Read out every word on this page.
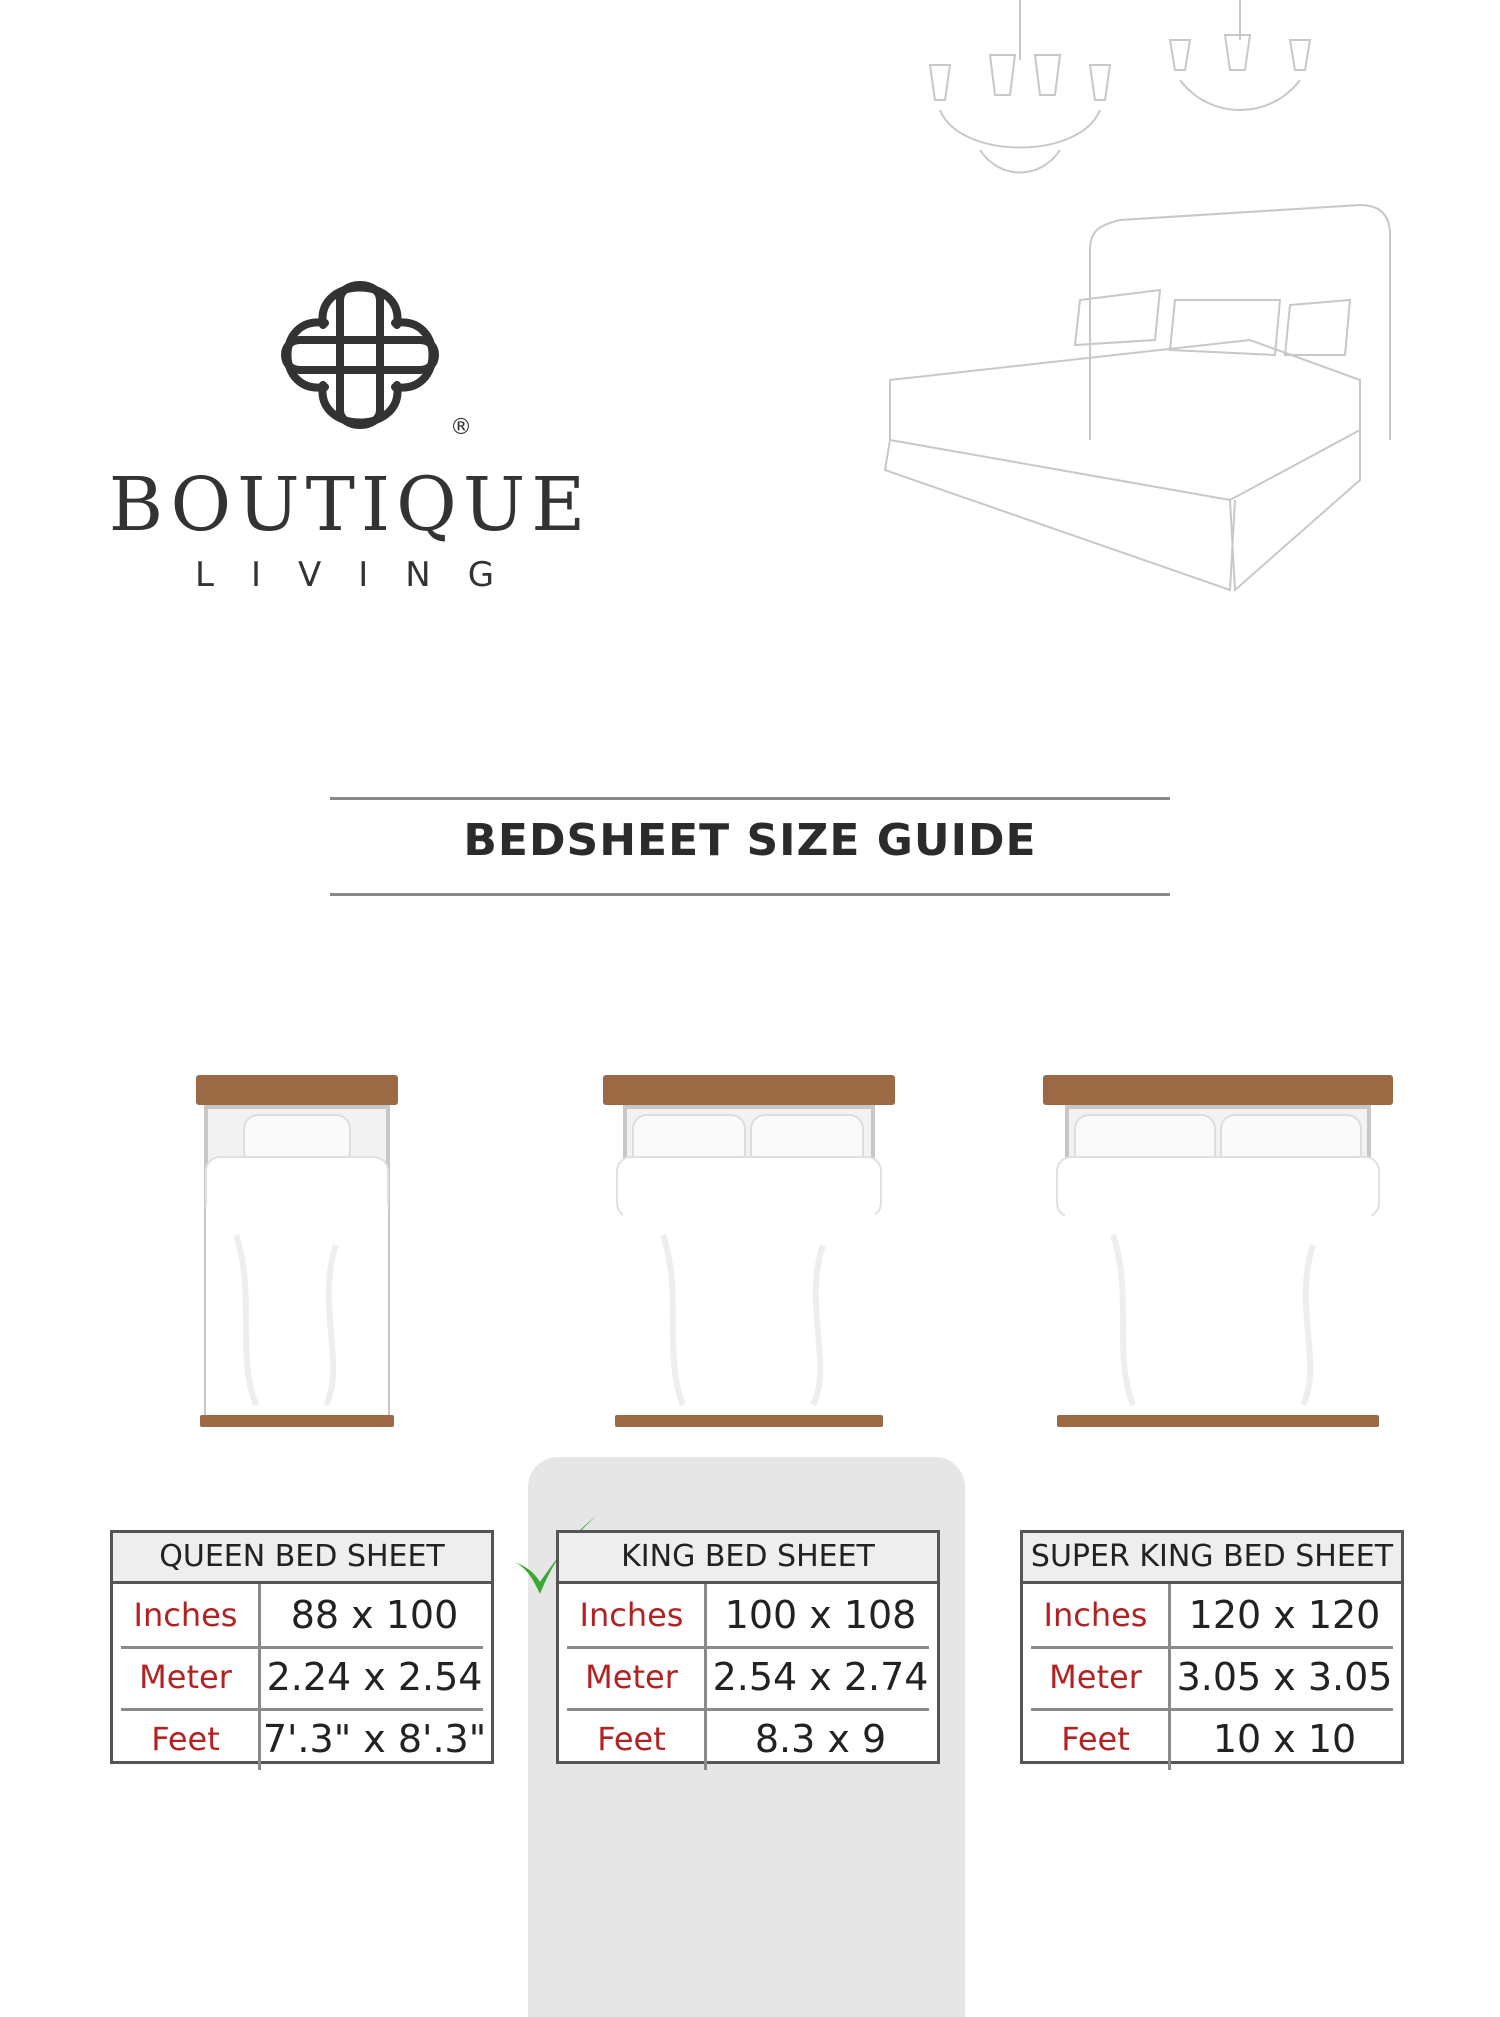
®
BOUTIQUE
LIVING
BEDSHEET SIZE GUIDE
QUEEN BED SHEET
Inches	88 x 100
Meter 2.24 x 2.54
Feet	7'.3" x 8'.3"
KING BED SHEET
Inches	100 x 108
Meter 2.54 x 2.74
Feet	8.3 x 9
SUPER KING BED SHEET
Inches	120 x 120
Meter 3.05 x 3.05
Feet	10 x 10
